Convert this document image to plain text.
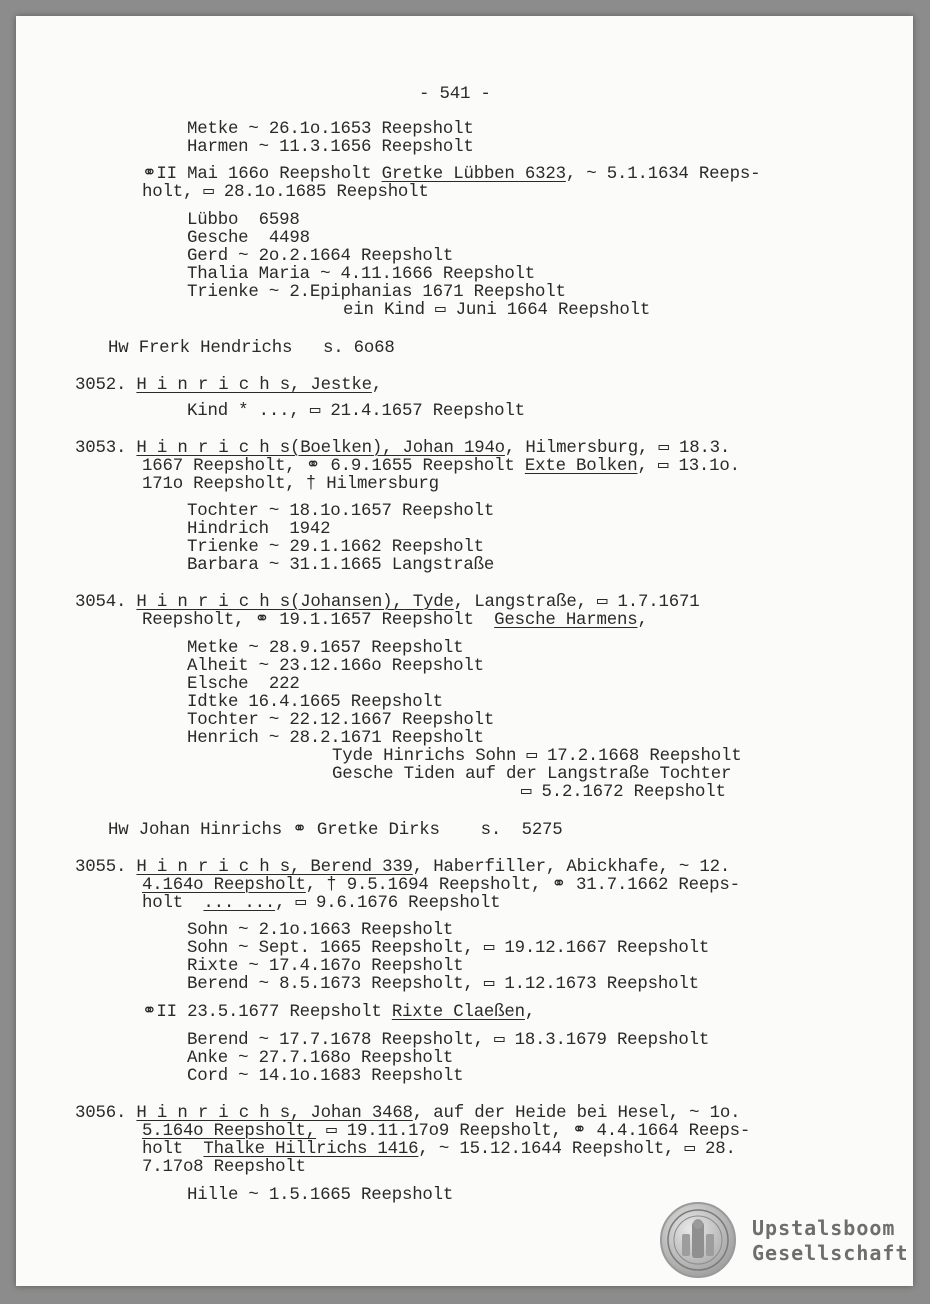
- 541 -
Metke ~ 26.1o.1653 Reepsholt
Harmen ~ 11.3.1656 Reepsholt
⚭II Mai 166o Reepsholt Gretke Lübben 6323, ~ 5.1.1634 Reeps-
holt, ▭ 28.1o.1685 Reepsholt
Lübbo  6598
Gesche  4498
Gerd ~ 2o.2.1664 Reepsholt
Thalia Maria ~ 4.11.1666 Reepsholt
Trienke ~ 2.Epiphanias 1671 Reepsholt
ein Kind ▭ Juni 1664 Reepsholt
Hw Frerk Hendrichs   s. 6o68
3052. H i n r i c h s, Jestke,
Kind * ..., ▭ 21.4.1657 Reepsholt
3053. H i n r i c h s(Boelken), Johan 194o, Hilmersburg, ▭ 18.3.
1667 Reepsholt, ⚭ 6.9.1655 Reepsholt Exte Bolken, ▭ 13.1o.
171o Reepsholt, † Hilmersburg
Tochter ~ 18.1o.1657 Reepsholt
Hindrich  1942
Trienke ~ 29.1.1662 Reepsholt
Barbara ~ 31.1.1665 Langstraße
3054. H i n r i c h s(Johansen), Tyde, Langstraße, ▭ 1.7.1671
Reepsholt, ⚭ 19.1.1657 Reepsholt  Gesche Harmens,
Metke ~ 28.9.1657 Reepsholt
Alheit ~ 23.12.166o Reepsholt
Elsche  222
Idtke 16.4.1665 Reepsholt
Tochter ~ 22.12.1667 Reepsholt
Henrich ~ 28.2.1671 Reepsholt
Tyde Hinrichs Sohn ▭ 17.2.1668 Reepsholt
Gesche Tiden auf der Langstraße Tochter
▭ 5.2.1672 Reepsholt
Hw Johan Hinrichs ⚭ Gretke Dirks    s.  5275
3055. H i n r i c h s, Berend 339, Haberfiller, Abickhafe, ~ 12.
4.164o Reepsholt, † 9.5.1694 Reepsholt, ⚭ 31.7.1662 Reeps-
holt  ... ..., ▭ 9.6.1676 Reepsholt
Sohn ~ 2.1o.1663 Reepsholt
Sohn ~ Sept. 1665 Reepsholt, ▭ 19.12.1667 Reepsholt
Rixte ~ 17.4.167o Reepsholt
Berend ~ 8.5.1673 Reepsholt, ▭ 1.12.1673 Reepsholt
⚭II 23.5.1677 Reepsholt Rixte Claeßen,
Berend ~ 17.7.1678 Reepsholt, ▭ 18.3.1679 Reepsholt
Anke ~ 27.7.168o Reepsholt
Cord ~ 14.1o.1683 Reepsholt
3056. H i n r i c h s, Johan 3468, auf der Heide bei Hesel, ~ 1o.
5.164o Reepsholt, ▭ 19.11.17o9 Reepsholt, ⚭ 4.4.1664 Reeps-
holt  Thalke Hillrichs 1416, ~ 15.12.1644 Reepsholt, ▭ 28.
7.17o8 Reepsholt
Hille ~ 1.5.1665 Reepsholt
Upstalsboom
Gesellschaft
